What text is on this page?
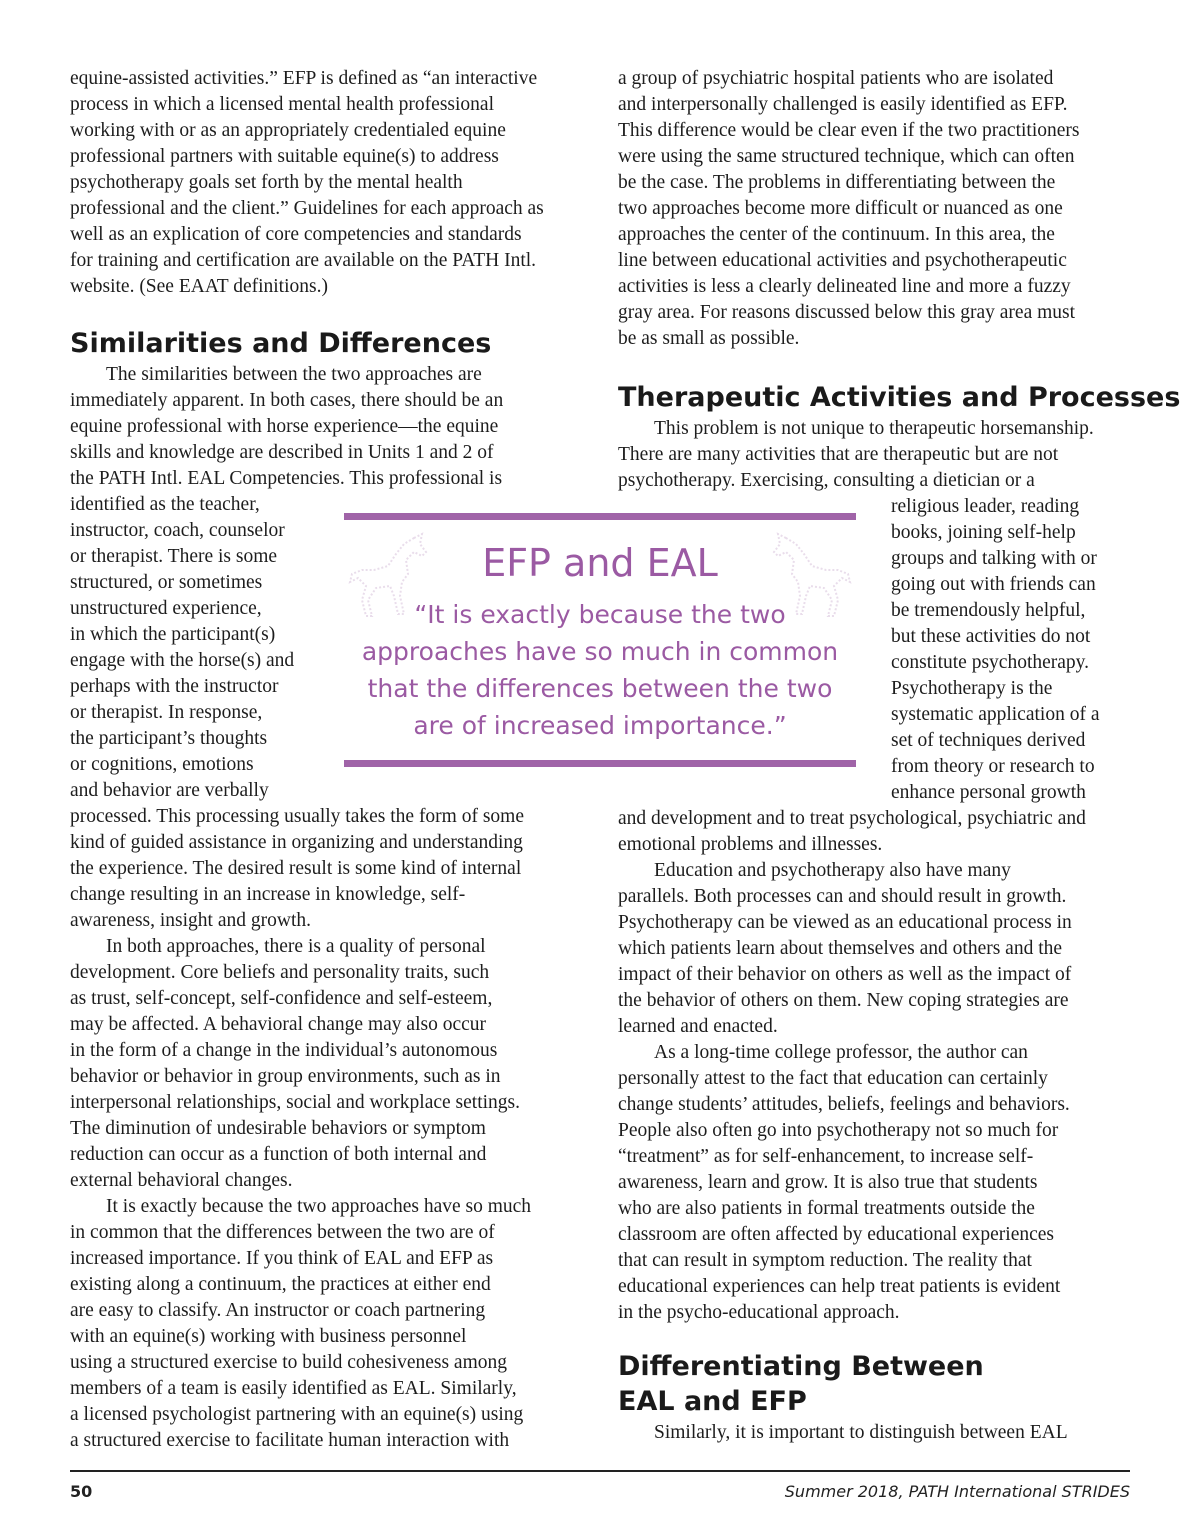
equine-assisted activities.” EFP is defined as “an interactive
process in which a licensed mental health professional
working with or as an appropriately credentialed equine
professional partners with suitable equine(s) to address
psychotherapy goals set forth by the mental health
professional and the client.” Guidelines for each approach as
well as an explication of core competencies and standards
for training and certification are available on the PATH Intl.
website. (See EAAT definitions.)
Similarities and Differences
The similarities between the two approaches are
immediately apparent. In both cases, there should be an
equine professional with horse experience—the equine
skills and knowledge are described in Units 1 and 2 of
the PATH Intl. EAL Competencies. This professional is
identified as the teacher,
instructor, coach, counselor
or therapist. There is some
structured, or sometimes
unstructured experience,
in which the participant(s)
engage with the horse(s) and
perhaps with the instructor
or therapist. In response,
the participant’s thoughts
or cognitions, emotions
and behavior are verbally
processed. This processing usually takes the form of some
kind of guided assistance in organizing and understanding
the experience. The desired result is some kind of internal
change resulting in an increase in knowledge, self-
awareness, insight and growth.
In both approaches, there is a quality of personal
development. Core beliefs and personality traits, such
as trust, self-concept, self-confidence and self-esteem,
may be affected. A behavioral change may also occur
in the form of a change in the individual’s autonomous
behavior or behavior in group environments, such as in
interpersonal relationships, social and workplace settings.
The diminution of undesirable behaviors or symptom
reduction can occur as a function of both internal and
external behavioral changes.
It is exactly because the two approaches have so much
in common that the differences between the two are of
increased importance. If you think of EAL and EFP as
existing along a continuum, the practices at either end
are easy to classify. An instructor or coach partnering
with an equine(s) working with business personnel
using a structured exercise to build cohesiveness among
members of a team is easily identified as EAL. Similarly,
a licensed psychologist partnering with an equine(s) using
a structured exercise to facilitate human interaction with
a group of psychiatric hospital patients who are isolated
and interpersonally challenged is easily identified as EFP.
This difference would be clear even if the two practitioners
were using the same structured technique, which can often
be the case. The problems in differentiating between the
two approaches become more difficult or nuanced as one
approaches the center of the continuum. In this area, the
line between educational activities and psychotherapeutic
activities is less a clearly delineated line and more a fuzzy
gray area. For reasons discussed below this gray area must
be as small as possible.
Therapeutic Activities and Processes
This problem is not unique to therapeutic horsemanship.
There are many activities that are therapeutic but are not
psychotherapy. Exercising, consulting a dietician or a
religious leader, reading
books, joining self-help
groups and talking with or
going out with friends can
be tremendously helpful,
but these activities do not
constitute psychotherapy.
Psychotherapy is the
systematic application of a
set of techniques derived
from theory or research to
enhance personal growth
and development and to treat psychological, psychiatric and
emotional problems and illnesses.
Education and psychotherapy also have many
parallels. Both processes can and should result in growth.
Psychotherapy can be viewed as an educational process in
which patients learn about themselves and others and the
impact of their behavior on others as well as the impact of
the behavior of others on them. New coping strategies are
learned and enacted.
As a long-time college professor, the author can
personally attest to the fact that education can certainly
change students’ attitudes, beliefs, feelings and behaviors.
People also often go into psychotherapy not so much for
“treatment” as for self-enhancement, to increase self-
awareness, learn and grow. It is also true that students
who are also patients in formal treatments outside the
classroom are often affected by educational experiences
that can result in symptom reduction. The reality that
educational experiences can help treat patients is evident
in the psycho-educational approach.
Differentiating Between
EAL and EFP
Similarly, it is important to distinguish between EAL
EFP and EAL
“It is exactly because the two
approaches have so much in common
that the differences between the two
are of increased importance.”
50	Summer 2018, PATH International STRIDES
